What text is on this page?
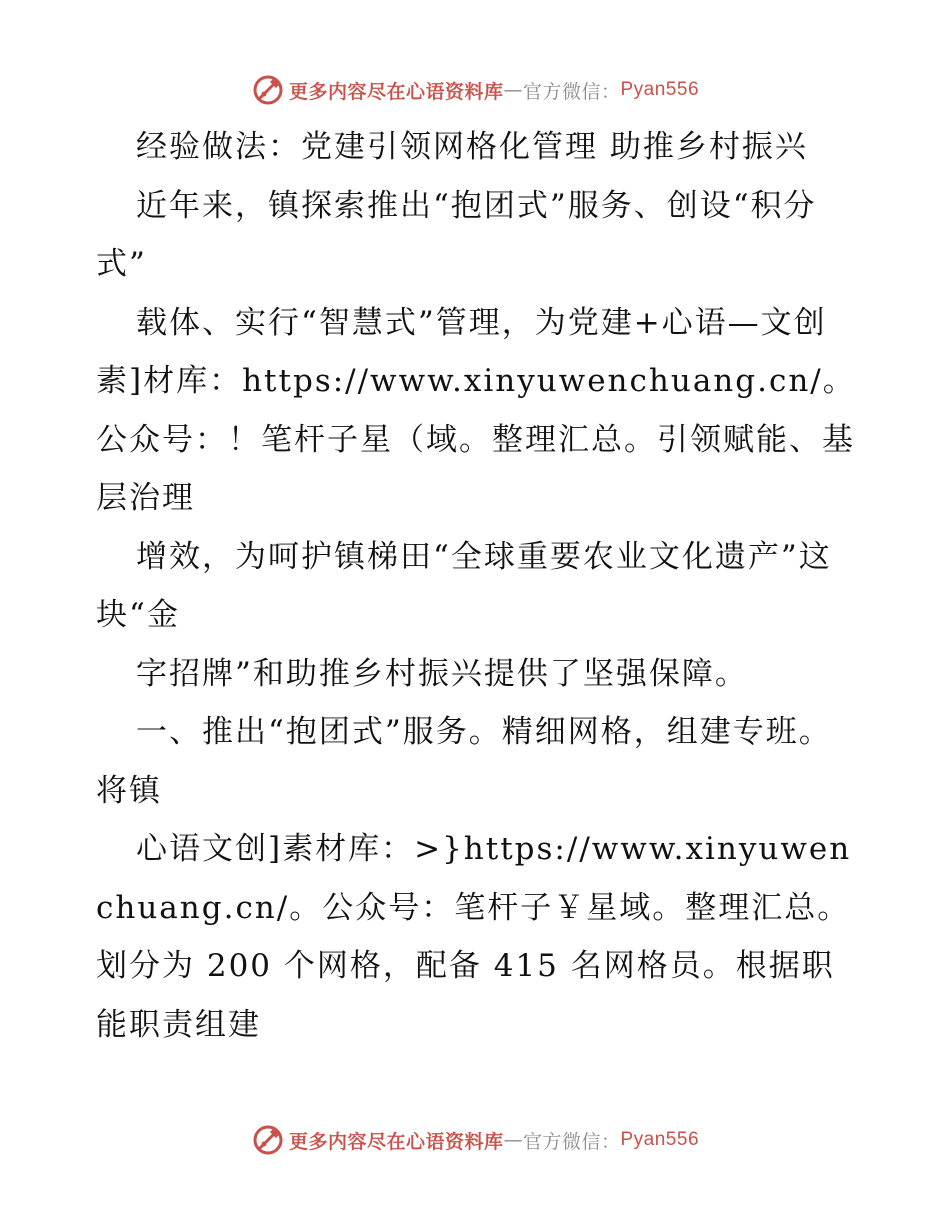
更多内容尽在心语资料库 — 官方微信： Pyan556

经验做法：党建引领网格化管理 助推乡村振兴

近年来，镇探索推出“抱团式”服务、创设“积分式”

载体、实行“智慧式”管理，为党建+心语—文创素]材库：https://www.xinyuwenchuang.cn/。公众号：！笔杆子星（域。整理汇总。引领赋能、基层治理

增效，为呵护镇梯田“全球重要农业文化遗产”这块“金

字招牌”和助推乡村振兴提供了坚强保障。

一、推出“抱团式”服务。精细网格，组建专班。将镇

心语文创]素材库：>}https://www.xinyuwenchuang.cn/。公众号：笔杆子￥星域。整理汇总。划分为 200 个网格，配备 415 名网格员。根据职能职责组建

更多内容尽在心语资料库 — 官方微信： Pyan556
